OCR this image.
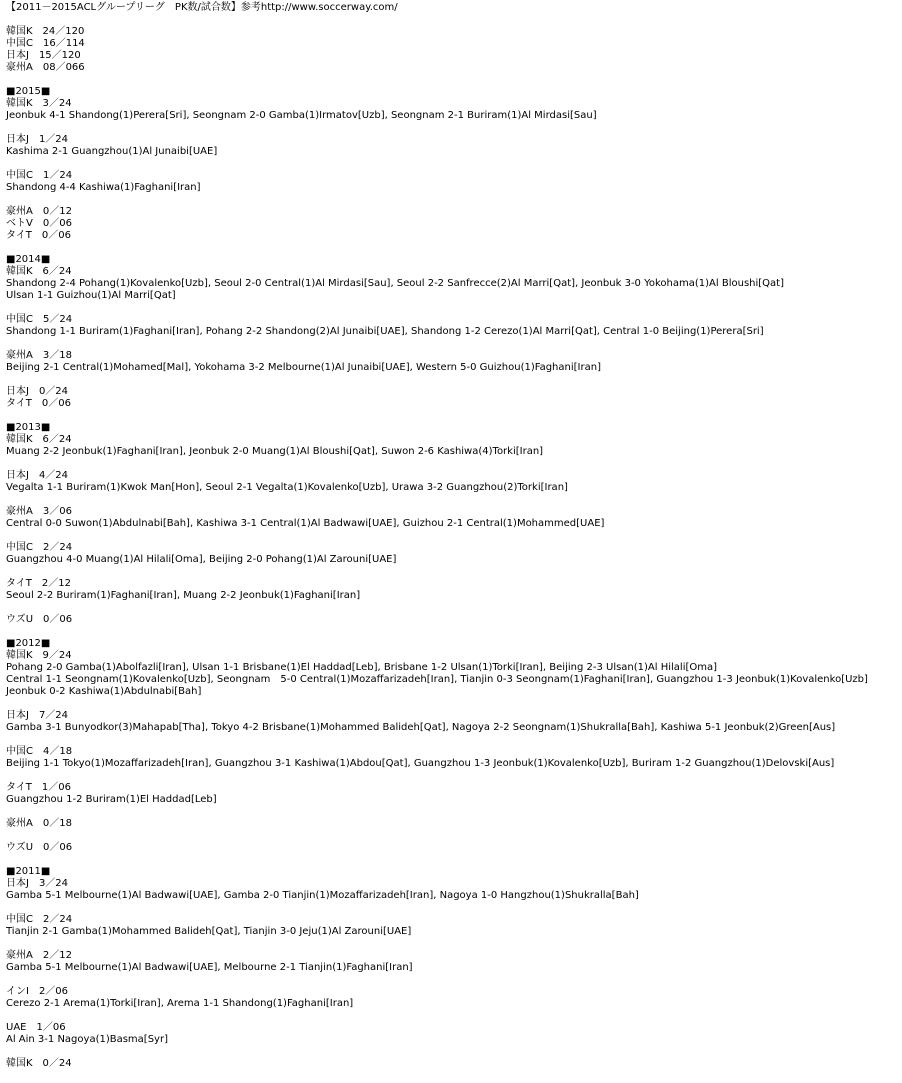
【2011－2015ACLグループリーグ　PK数/試合数】参考http://www.soccerway.com/
韓国K　24／120
中国C　16／114
日本J　15／120
豪州A　08／066
■2015■
韓国K　3／24
Jeonbuk 4-1 Shandong(1)Perera[Sri], Seongnam 2-0 Gamba(1)Irmatov[Uzb], Seongnam 2-1 Buriram(1)Al Mirdasi[Sau]
日本J　1／24
Kashima 2-1 Guangzhou(1)Al Junaibi[UAE]
中国C　1／24
Shandong 4-4 Kashiwa(1)Faghani[Iran]
豪州A　0／12
ベトV　0／06
タイT　0／06
■2014■
韓国K　6／24
Shandong 2-4 Pohang(1)Kovalenko[Uzb], Seoul 2-0 Central(1)Al Mirdasi[Sau], Seoul 2-2 Sanfrecce(2)Al Marri[Qat], Jeonbuk 3-0 Yokohama(1)Al Bloushi[Qat]
Ulsan 1-1 Guizhou(1)Al Marri[Qat]
中国C　5／24
Shandong 1-1 Buriram(1)Faghani[Iran], Pohang 2-2 Shandong(2)Al Junaibi[UAE], Shandong 1-2 Cerezo(1)Al Marri[Qat], Central 1-0 Beijing(1)Perera[Sri]
豪州A　3／18
Beijing 2-1 Central(1)Mohamed[Mal], Yokohama 3-2 Melbourne(1)Al Junaibi[UAE], Western 5-0 Guizhou(1)Faghani[Iran]
日本J　0／24
タイT　0／06
■2013■
韓国K　6／24
Muang 2-2 Jeonbuk(1)Faghani[Iran], Jeonbuk 2-0 Muang(1)Al Bloushi[Qat], Suwon 2-6 Kashiwa(4)Torki[Iran]
日本J　4／24
Vegalta 1-1 Buriram(1)Kwok Man[Hon], Seoul 2-1 Vegalta(1)Kovalenko[Uzb], Urawa 3-2 Guangzhou(2)Torki[Iran]
豪州A　3／06
Central 0-0 Suwon(1)Abdulnabi[Bah], Kashiwa 3-1 Central(1)Al Badwawi[UAE], Guizhou 2-1 Central(1)Mohammed[UAE]
中国C　2／24
Guangzhou 4-0 Muang(1)Al Hilali[Oma], Beijing 2-0 Pohang(1)Al Zarouni[UAE]
タイT　2／12
Seoul 2-2 Buriram(1)Faghani[Iran], Muang 2-2 Jeonbuk(1)Faghani[Iran]
ウズU　0／06
■2012■
韓国K　9／24
Pohang 2-0 Gamba(1)Abolfazli[Iran], Ulsan 1-1 Brisbane(1)El Haddad[Leb], Brisbane 1-2 Ulsan(1)Torki[Iran], Beijing 2-3 Ulsan(1)Al Hilali[Oma]
Central 1-1 Seongnam(1)Kovalenko[Uzb], Seongnam　5-0 Central(1)Mozaffarizadeh[Iran], Tianjin 0-3 Seongnam(1)Faghani[Iran], Guangzhou 1-3 Jeonbuk(1)Kovalenko[Uzb]
Jeonbuk 0-2 Kashiwa(1)Abdulnabi[Bah]
日本J　7／24
Gamba 3-1 Bunyodkor(3)Mahapab[Tha], Tokyo 4-2 Brisbane(1)Mohammed Balideh[Qat], Nagoya 2-2 Seongnam(1)Shukralla[Bah], Kashiwa 5-1 Jeonbuk(2)Green[Aus]
中国C　4／18
Beijing 1-1 Tokyo(1)Mozaffarizadeh[Iran], Guangzhou 3-1 Kashiwa(1)Abdou[Qat], Guangzhou 1-3 Jeonbuk(1)Kovalenko[Uzb], Buriram 1-2 Guangzhou(1)Delovski[Aus]
タイT　1／06
Guangzhou 1-2 Buriram(1)El Haddad[Leb]
豪州A　0／18
ウズU　0／06
■2011■
日本J　3／24
Gamba 5-1 Melbourne(1)Al Badwawi[UAE], Gamba 2-0 Tianjin(1)Mozaffarizadeh[Iran], Nagoya 1-0 Hangzhou(1)Shukralla[Bah]
中国C　2／24
Tianjin 2-1 Gamba(1)Mohammed Balideh[Qat], Tianjin 3-0 Jeju(1)Al Zarouni[UAE]
豪州A　2／12
Gamba 5-1 Melbourne(1)Al Badwawi[UAE], Melbourne 2-1 Tianjin(1)Faghani[Iran]
インI　2／06
Cerezo 2-1 Arema(1)Torki[Iran], Arema 1-1 Shandong(1)Faghani[Iran]
UAE　1／06
Al Ain 3-1 Nagoya(1)Basma[Syr]
韓国K　0／24
